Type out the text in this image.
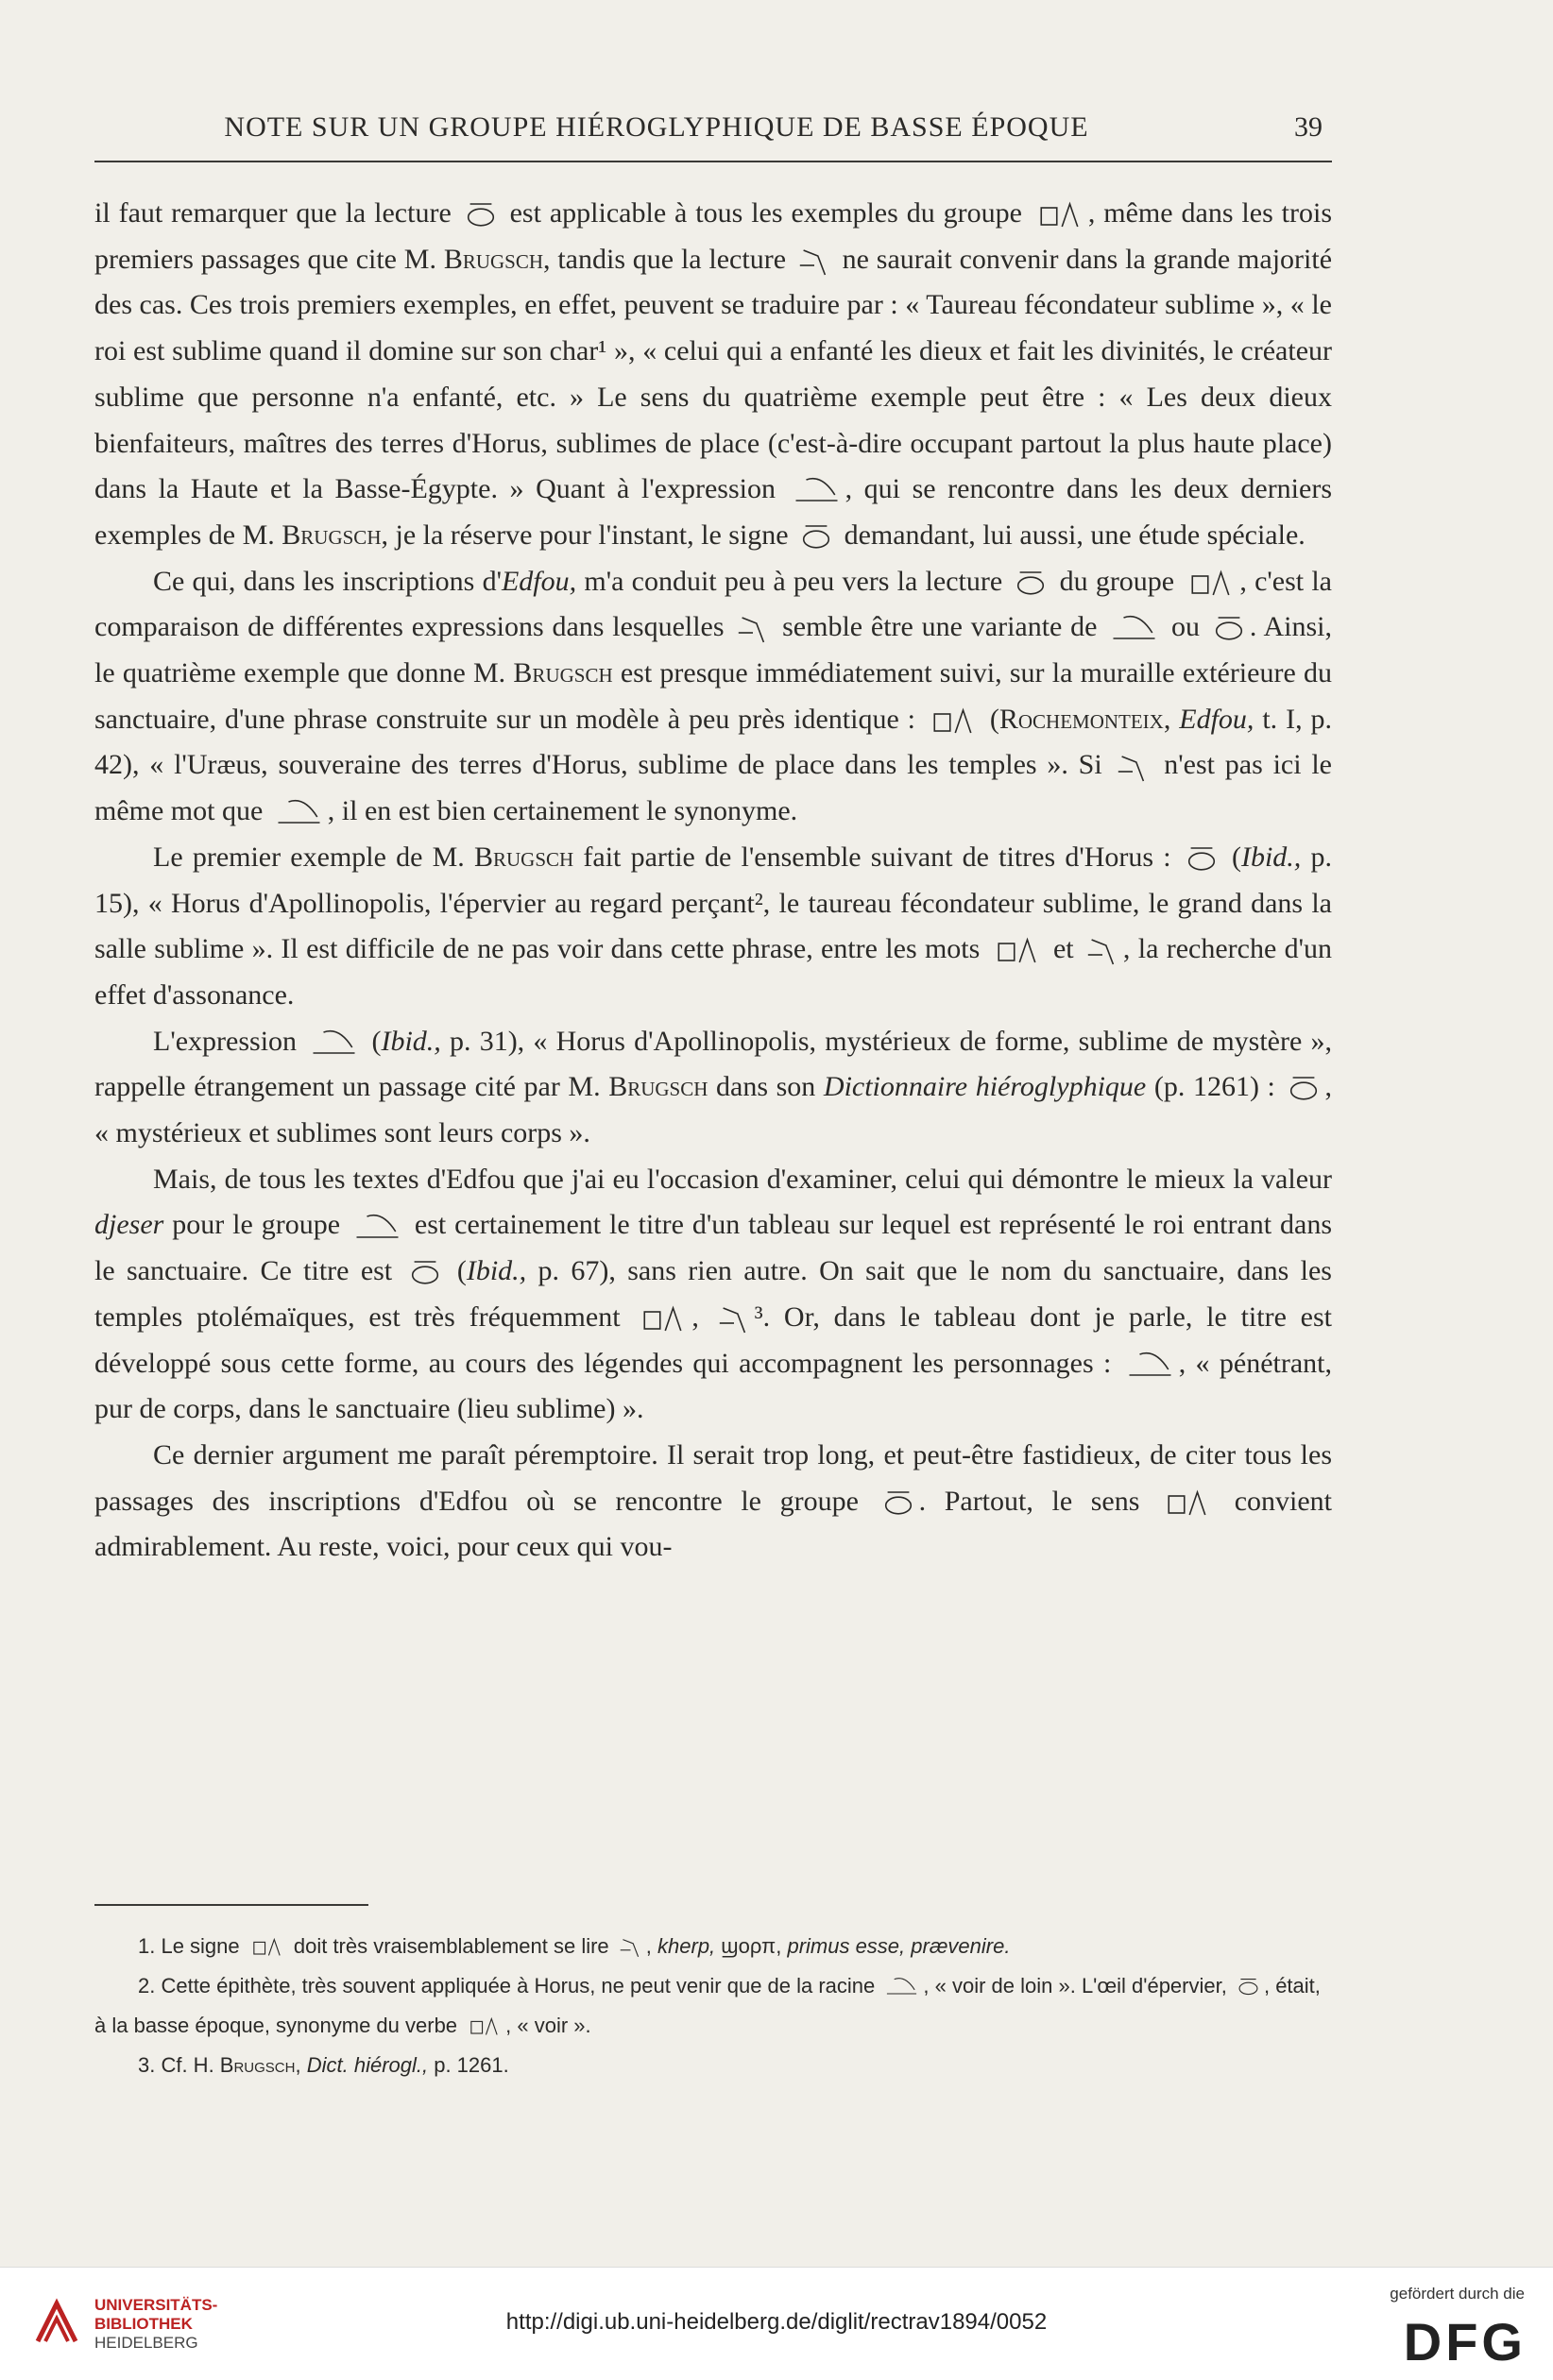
NOTE SUR UN GROUPE HIÉROGLYPHIQUE DE BASSE ÉPOQUE	39

il faut remarquer que la lecture
est applicable à tous les exemples du groupe
, même dans les trois premiers passages que cite M. Brugsch, tandis que la lecture
ne saurait convenir dans la grande majorité des cas. Ces trois premiers exemples, en effet, peuvent se traduire par : « Taureau fécondateur sublime », « le roi est sublime quand il domine sur son char¹ », « celui qui a enfanté les dieux et fait les divinités, le créateur sublime que personne n'a enfanté, etc. » Le sens du quatrième exemple peut être : « Les deux dieux bienfaiteurs, maîtres des terres d'Horus, sublimes de place (c'est-à-dire occupant partout la plus haute place) dans la Haute et la Basse-Égypte. » Quant à l'expression
, qui se rencontre dans les deux derniers exemples de M. Brugsch, je la réserve pour l'instant, le signe
demandant, lui aussi, une étude spéciale.

Ce qui, dans les inscriptions d'Edfou, m'a conduit peu à peu vers la lecture
du groupe
, c'est la comparaison de différentes expressions dans lesquelles
semble être une variante de
ou
. Ainsi, le quatrième exemple que donne M. Brugsch est presque immédiatement suivi, sur la muraille extérieure du sanctuaire, d'une phrase construite sur un modèle à peu près identique :
(Rochemonteix, Edfou, t. I, p. 42), « l'Uræus, souveraine des terres d'Horus, sublime de place dans les temples ». Si
n'est pas ici le même mot que
, il en est bien certainement le synonyme.

Le premier exemple de M. Brugsch fait partie de l'ensemble suivant de titres d'Horus :
(Ibid., p. 15), « Horus d'Apollinopolis, l'épervier au regard perçant², le taureau fécondateur sublime, le grand dans la salle sublime ». Il est difficile de ne pas voir dans cette phrase, entre les mots
et
, la recherche d'un effet d'assonance.

L'expression
(Ibid., p. 31), « Horus d'Apollinopolis, mystérieux de forme, sublime de mystère », rappelle étrangement un passage cité par M. Brugsch dans son Dictionnaire hiéroglyphique (p. 1261) :
, « mystérieux et sublimes sont leurs corps ».

Mais, de tous les textes d'Edfou que j'ai eu l'occasion d'examiner, celui qui démontre le mieux la valeur djeser pour le groupe
est certainement le titre d'un tableau sur lequel est représenté le roi entrant dans le sanctuaire. Ce titre est
(Ibid., p. 67), sans rien autre. On sait que le nom du sanctuaire, dans les temples ptolémaïques, est très fréquemment
,
³. Or, dans le tableau dont je parle, le titre est développé sous cette forme, au cours des légendes qui accompagnent les personnages :
, « pénétrant, pur de corps, dans le sanctuaire (lieu sublime) ».

Ce dernier argument me paraît péremptoire. Il serait trop long, et peut-être fastidieux, de citer tous les passages des inscriptions d'Edfou où se rencontre le groupe
. Partout, le sens
convient admirablement. Au reste, voici, pour ceux qui vou-

1. Le signe
doit très vraisemblablement se lire
, kherp, ϣορπ, primus esse, prævenire.

2. Cette épithète, très souvent appliquée à Horus, ne peut venir que de la racine
, « voir de loin ». L'œil d'épervier,
, était, à la basse époque, synonyme du verbe
, « voir ».

3. Cf. H. Brugsch, Dict. hiérogl., p. 1261.

UNIVERSITÄTS-
BIBLIOTHEK
HEIDELBERG
http://digi.ub.uni-heidelberg.de/diglit/rectrav1894/0052
gefördert durch die
DFG
